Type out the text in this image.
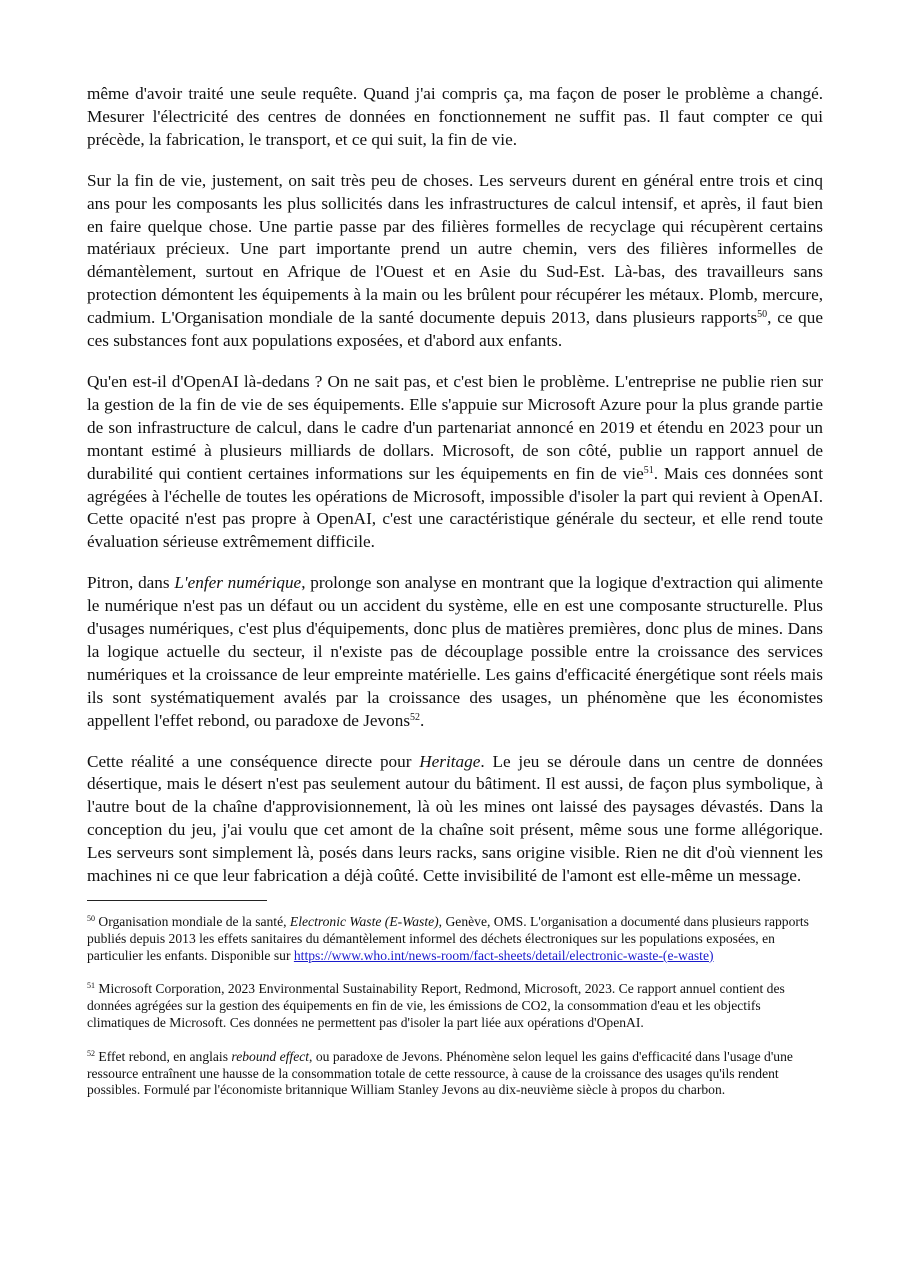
même d'avoir traité une seule requête. Quand j'ai compris ça, ma façon de poser le problème a changé. Mesurer l'électricité des centres de données en fonctionnement ne suffit pas. Il faut compter ce qui précède, la fabrication, le transport, et ce qui suit, la fin de vie.

Sur la fin de vie, justement, on sait très peu de choses. Les serveurs durent en général entre trois et cinq ans pour les composants les plus sollicités dans les infrastructures de calcul intensif, et après, il faut bien en faire quelque chose. Une partie passe par des filières formelles de recyclage qui récupèrent certains matériaux précieux. Une part importante prend un autre chemin, vers des filières informelles de démantèlement, surtout en Afrique de l'Ouest et en Asie du Sud-Est. Là-bas, des travailleurs sans protection démontent les équipements à la main ou les brûlent pour récupérer les métaux. Plomb, mercure, cadmium. L'Organisation mondiale de la santé documente depuis 2013, dans plusieurs rapports$^{50}$, ce que ces substances font aux populations exposées, et d'abord aux enfants.

Qu'en est-il d'OpenAI là-dedans ? On ne sait pas, et c'est bien le problème. L'entreprise ne publie rien sur la gestion de la fin de vie de ses équipements. Elle s'appuie sur Microsoft Azure pour la plus grande partie de son infrastructure de calcul, dans le cadre d'un partenariat annoncé en 2019 et étendu en 2023 pour un montant estimé à plusieurs milliards de dollars. Microsoft, de son côté, publie un rapport annuel de durabilité qui contient certaines informations sur les équipements en fin de vie$^{51}$. Mais ces données sont agrégées à l'échelle de toutes les opérations de Microsoft, impossible d'isoler la part qui revient à OpenAI. Cette opacité n'est pas propre à OpenAI, c'est une caractéristique générale du secteur, et elle rend toute évaluation sérieuse extrêmement difficile.

Pitron, dans L'enfer numérique, prolonge son analyse en montrant que la logique d'extraction qui alimente le numérique n'est pas un défaut ou un accident du système, elle en est une composante structurelle. Plus d'usages numériques, c'est plus d'équipements, donc plus de matières premières, donc plus de mines. Dans la logique actuelle du secteur, il n'existe pas de découplage possible entre la croissance des services numériques et la croissance de leur empreinte matérielle. Les gains d'efficacité énergétique sont réels mais ils sont systématiquement avalés par la croissance des usages, un phénomène que les économistes appellent l'effet rebond, ou paradoxe de Jevons$^{52}$.

Cette réalité a une conséquence directe pour Heritage. Le jeu se déroule dans un centre de données désertique, mais le désert n'est pas seulement autour du bâtiment. Il est aussi, de façon plus symbolique, à l'autre bout de la chaîne d'approvisionnement, là où les mines ont laissé des paysages dévastés. Dans la conception du jeu, j'ai voulu que cet amont de la chaîne soit présent, même sous une forme allégorique. Les serveurs sont simplement là, posés dans leurs racks, sans origine visible. Rien ne dit d'où viennent les machines ni ce que leur fabrication a déjà coûté. Cette invisibilité de l'amont est elle-même un message.

$^{50}$ Organisation mondiale de la santé, Electronic Waste (E-Waste), Genève, OMS. L'organisation a documenté dans plusieurs rapports publiés depuis 2013 les effets sanitaires du démantèlement informel des déchets électroniques sur les populations exposées, en particulier les enfants. Disponible sur https://www.who.int/news-room/fact-sheets/detail/electronic-waste-(e-waste)

$^{51}$ Microsoft Corporation, 2023 Environmental Sustainability Report, Redmond, Microsoft, 2023. Ce rapport annuel contient des données agrégées sur la gestion des équipements en fin de vie, les émissions de CO2, la consommation d'eau et les objectifs climatiques de Microsoft. Ces données ne permettent pas d'isoler la part liée aux opérations d'OpenAI.

$^{52}$ Effet rebond, en anglais rebound effect, ou paradoxe de Jevons. Phénomène selon lequel les gains d'efficacité dans l'usage d'une ressource entraînent une hausse de la consommation totale de cette ressource, à cause de la croissance des usages qu'ils rendent possibles. Formulé par l'économiste britannique William Stanley Jevons au dix-neuvième siècle à propos du charbon.
